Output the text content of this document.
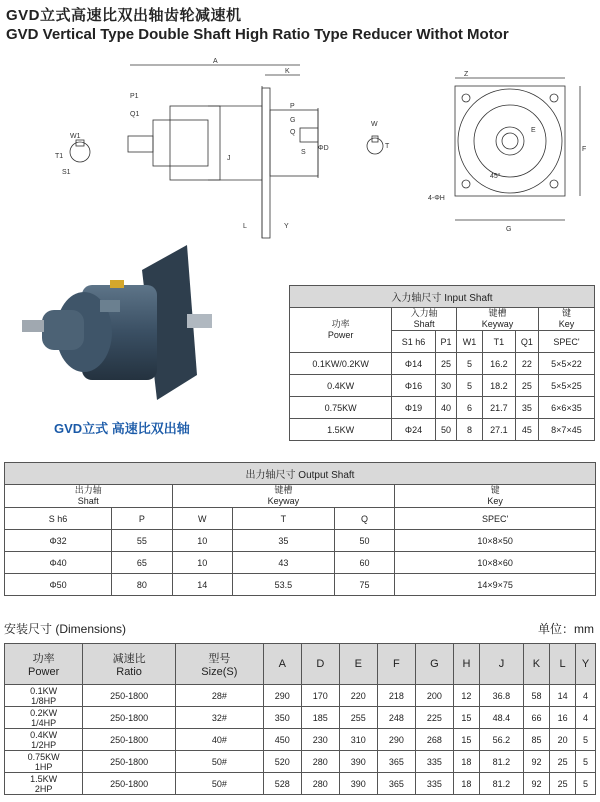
GVD立式高速比双出轴齿轮减速机
GVD Vertical Type Double Shaft High Ratio Type Reducer Withot Motor
A
K
P
G
Q
S
ΦD
P1
Q1
J
L	Y
W1
T1
S1
W
T
Z
E
F
45°
4-ΦH
G
GVD立式 高速比双出轴
入力轴尺寸 Input Shaft						
功率
Power	入力轴
Shaft		键槽
Keyway			键
Key
	S1 h6	P1	W1	T1	Q1	SPEC'
0.1KW/0.2KW	Φ14	25	5	16.2	22	5×5×22
0.4KW	Φ16	30	5	18.2	25	5×5×25
0.75KW	Φ19	40	6	21.7	35	6×6×35
1.5KW	Φ24	50	8	27.1	45	8×7×45
出力轴尺寸 Output Shaft					
出力轴
Shaft		键槽
Keyway			键
Key
S h6	P	W	T	Q	SPEC'
Φ32	55	10	35	50	10×8×50
Φ40	65	10	43	60	10×8×60
Φ50	80	14	53.5	75	14×9×75
安装尺寸 (Dimensions)	单位：mm
功率
Power	减速比
Ratio	型号
Size(S)	A	D	E	F	G	H	J	K	L	Y
0.1KW
1/8HP	250-1800	28#	290	170	220	218	200	12	36.8	58	14	4
0.2KW
1/4HP	250-1800	32#	350	185	255	248	225	15	48.4	66	16	4
0.4KW
1/2HP	250-1800	40#	450	230	310	290	268	15	56.2	85	20	5
0.75KW
1HP	250-1800	50#	520	280	390	365	335	18	81.2	92	25	5
1.5KW
2HP	250-1800	50#	528	280	390	365	335	18	81.2	92	25	5
